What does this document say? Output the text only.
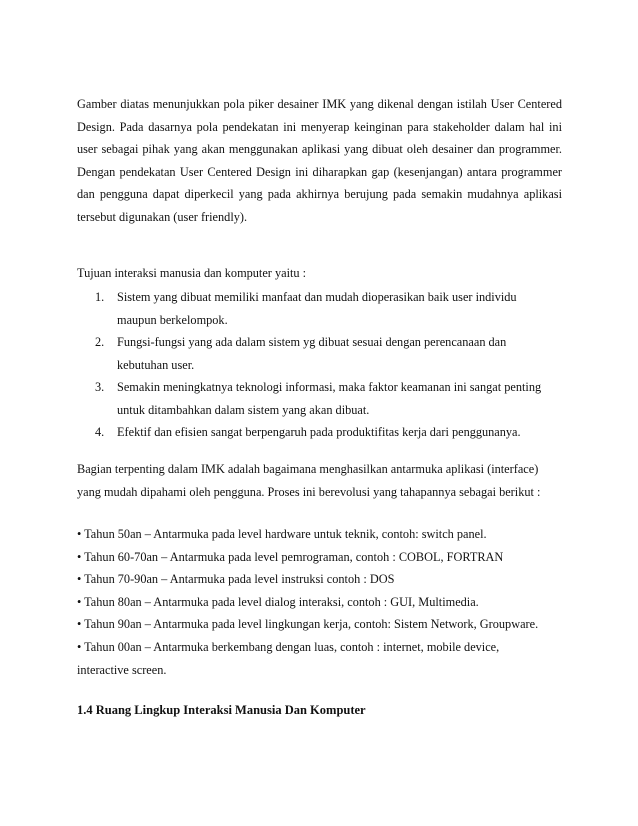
Gamber diatas menunjukkan pola piker desainer IMK yang dikenal dengan istilah User Centered Design. Pada dasarnya pola pendekatan ini menyerap keinginan para stakeholder dalam hal ini user sebagai pihak yang akan menggunakan aplikasi yang dibuat oleh desainer dan programmer. Dengan pendekatan User Centered Design ini diharapkan gap (kesenjangan) antara programmer dan pengguna dapat diperkecil yang pada akhirnya berujung pada semakin mudahnya aplikasi tersebut digunakan (user friendly).

Tujuan interaksi manusia dan komputer yaitu :

1. Sistem yang dibuat memiliki manfaat dan mudah dioperasikan baik user individu
maupun berkelompok.
2. Fungsi-fungsi yang ada dalam sistem yg dibuat sesuai dengan perencanaan dan
kebutuhan user.
3. Semakin meningkatnya teknologi informasi, maka faktor keamanan ini sangat penting
untuk ditambahkan dalam sistem yang akan dibuat.
4. Efektif dan efisien sangat berpengaruh pada produktifitas kerja dari penggunanya.
Bagian terpenting dalam IMK adalah bagaimana menghasilkan antarmuka aplikasi (interface)
yang mudah dipahami oleh pengguna. Proses ini berevolusi yang tahapannya sebagai berikut :
• Tahun 50an – Antarmuka pada level hardware untuk teknik, contoh: switch panel.
• Tahun 60-70an – Antarmuka pada level pemrograman, contoh : COBOL, FORTRAN
• Tahun 70-90an – Antarmuka pada level instruksi contoh : DOS
• Tahun 80an – Antarmuka pada level dialog interaksi, contoh : GUI, Multimedia.
• Tahun 90an – Antarmuka pada level lingkungan kerja, contoh: Sistem Network, Groupware.
• Tahun 00an – Antarmuka berkembang dengan luas, contoh : internet, mobile device,
interactive screen.
1.4 Ruang Lingkup Interaksi Manusia Dan Komputer
